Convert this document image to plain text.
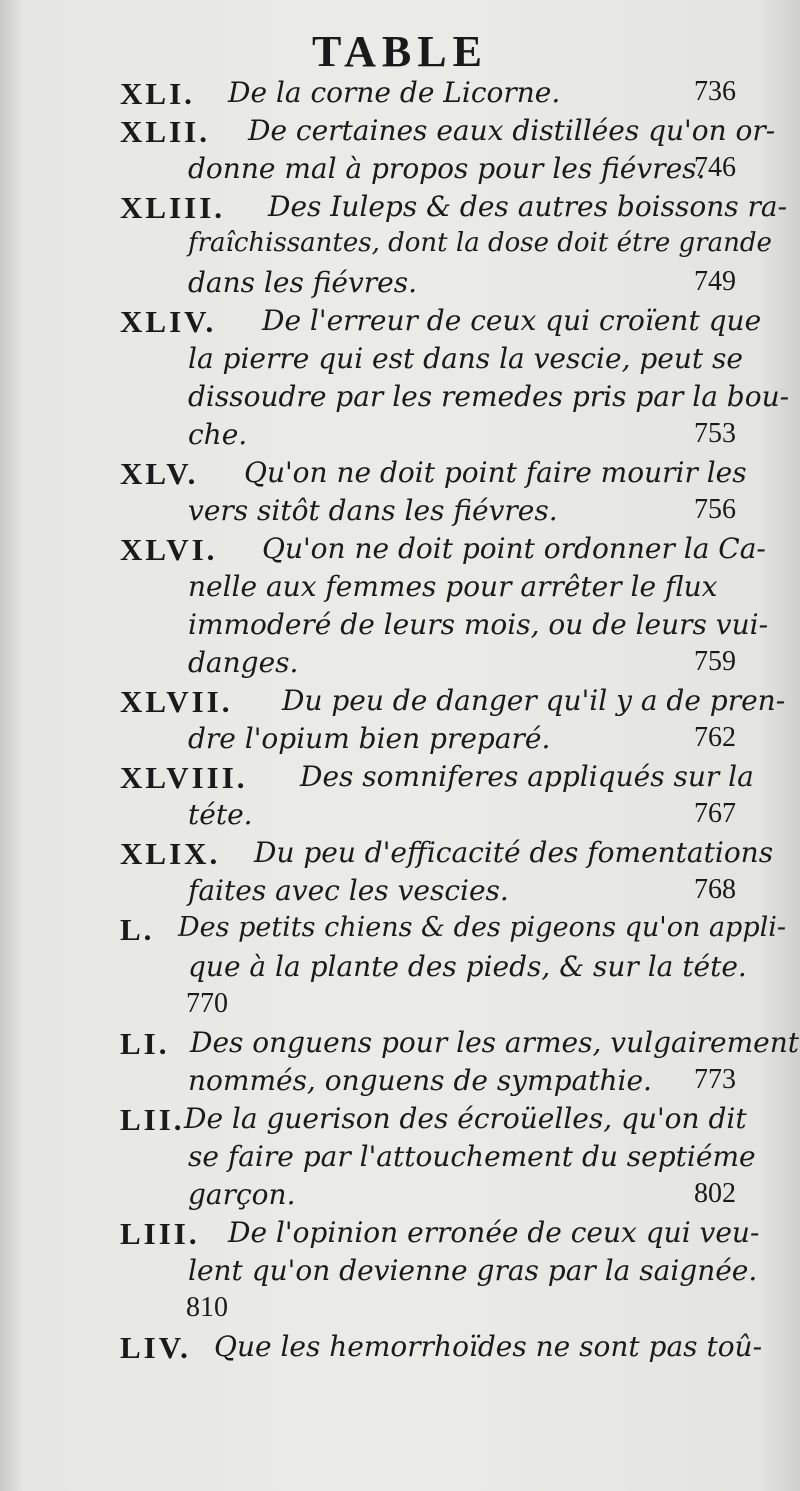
TABLE
XLI. De la corne de Licorne.	736
XLII. De certaines eaux distillées qu'on or-
donne mal à propos pour les fiévres.
746
XLIII. Des Iuleps & des autres boissons ra-
fraîchissantes, dont la dose doit étre grande
dans les fiévres.	749
XLIV. De l'erreur de ceux qui croïent que
la pierre qui est dans la vescie, peut se
dissoudre par les remedes pris par la bou-
che.	753
XLV. Qu'on ne doit point faire mourir les
vers sitôt dans les fiévres.	756
XLVI. Qu'on ne doit point ordonner la Ca-
nelle aux femmes pour arrêter le flux
immoderé de leurs mois, ou de leurs vui-
danges.	759
XLVII. Du peu de danger qu'il y a de pren-
dre l'opium bien preparé.	762
XLVIII. Des somniferes appliqués sur la
téte.	767
XLIX. Du peu d'efficacité des fomentations
faites avec les vescies.	768
L. Des petits chiens & des pigeons qu'on appli-
que à la plante des pieds, & sur la téte.
770
LI. Des onguens pour les armes, vulgairement
nommés, onguens de sympathie. 773
LII. De la guerison des écroüelles, qu'on dit
se faire par l'attouchement du septiéme
garçon.	802
LIII. De l'opinion erronée de ceux qui veu-
lent qu'on devienne gras par la saignée.
810
LIV. Que les hemorrhoïdes ne sont pas toû-
